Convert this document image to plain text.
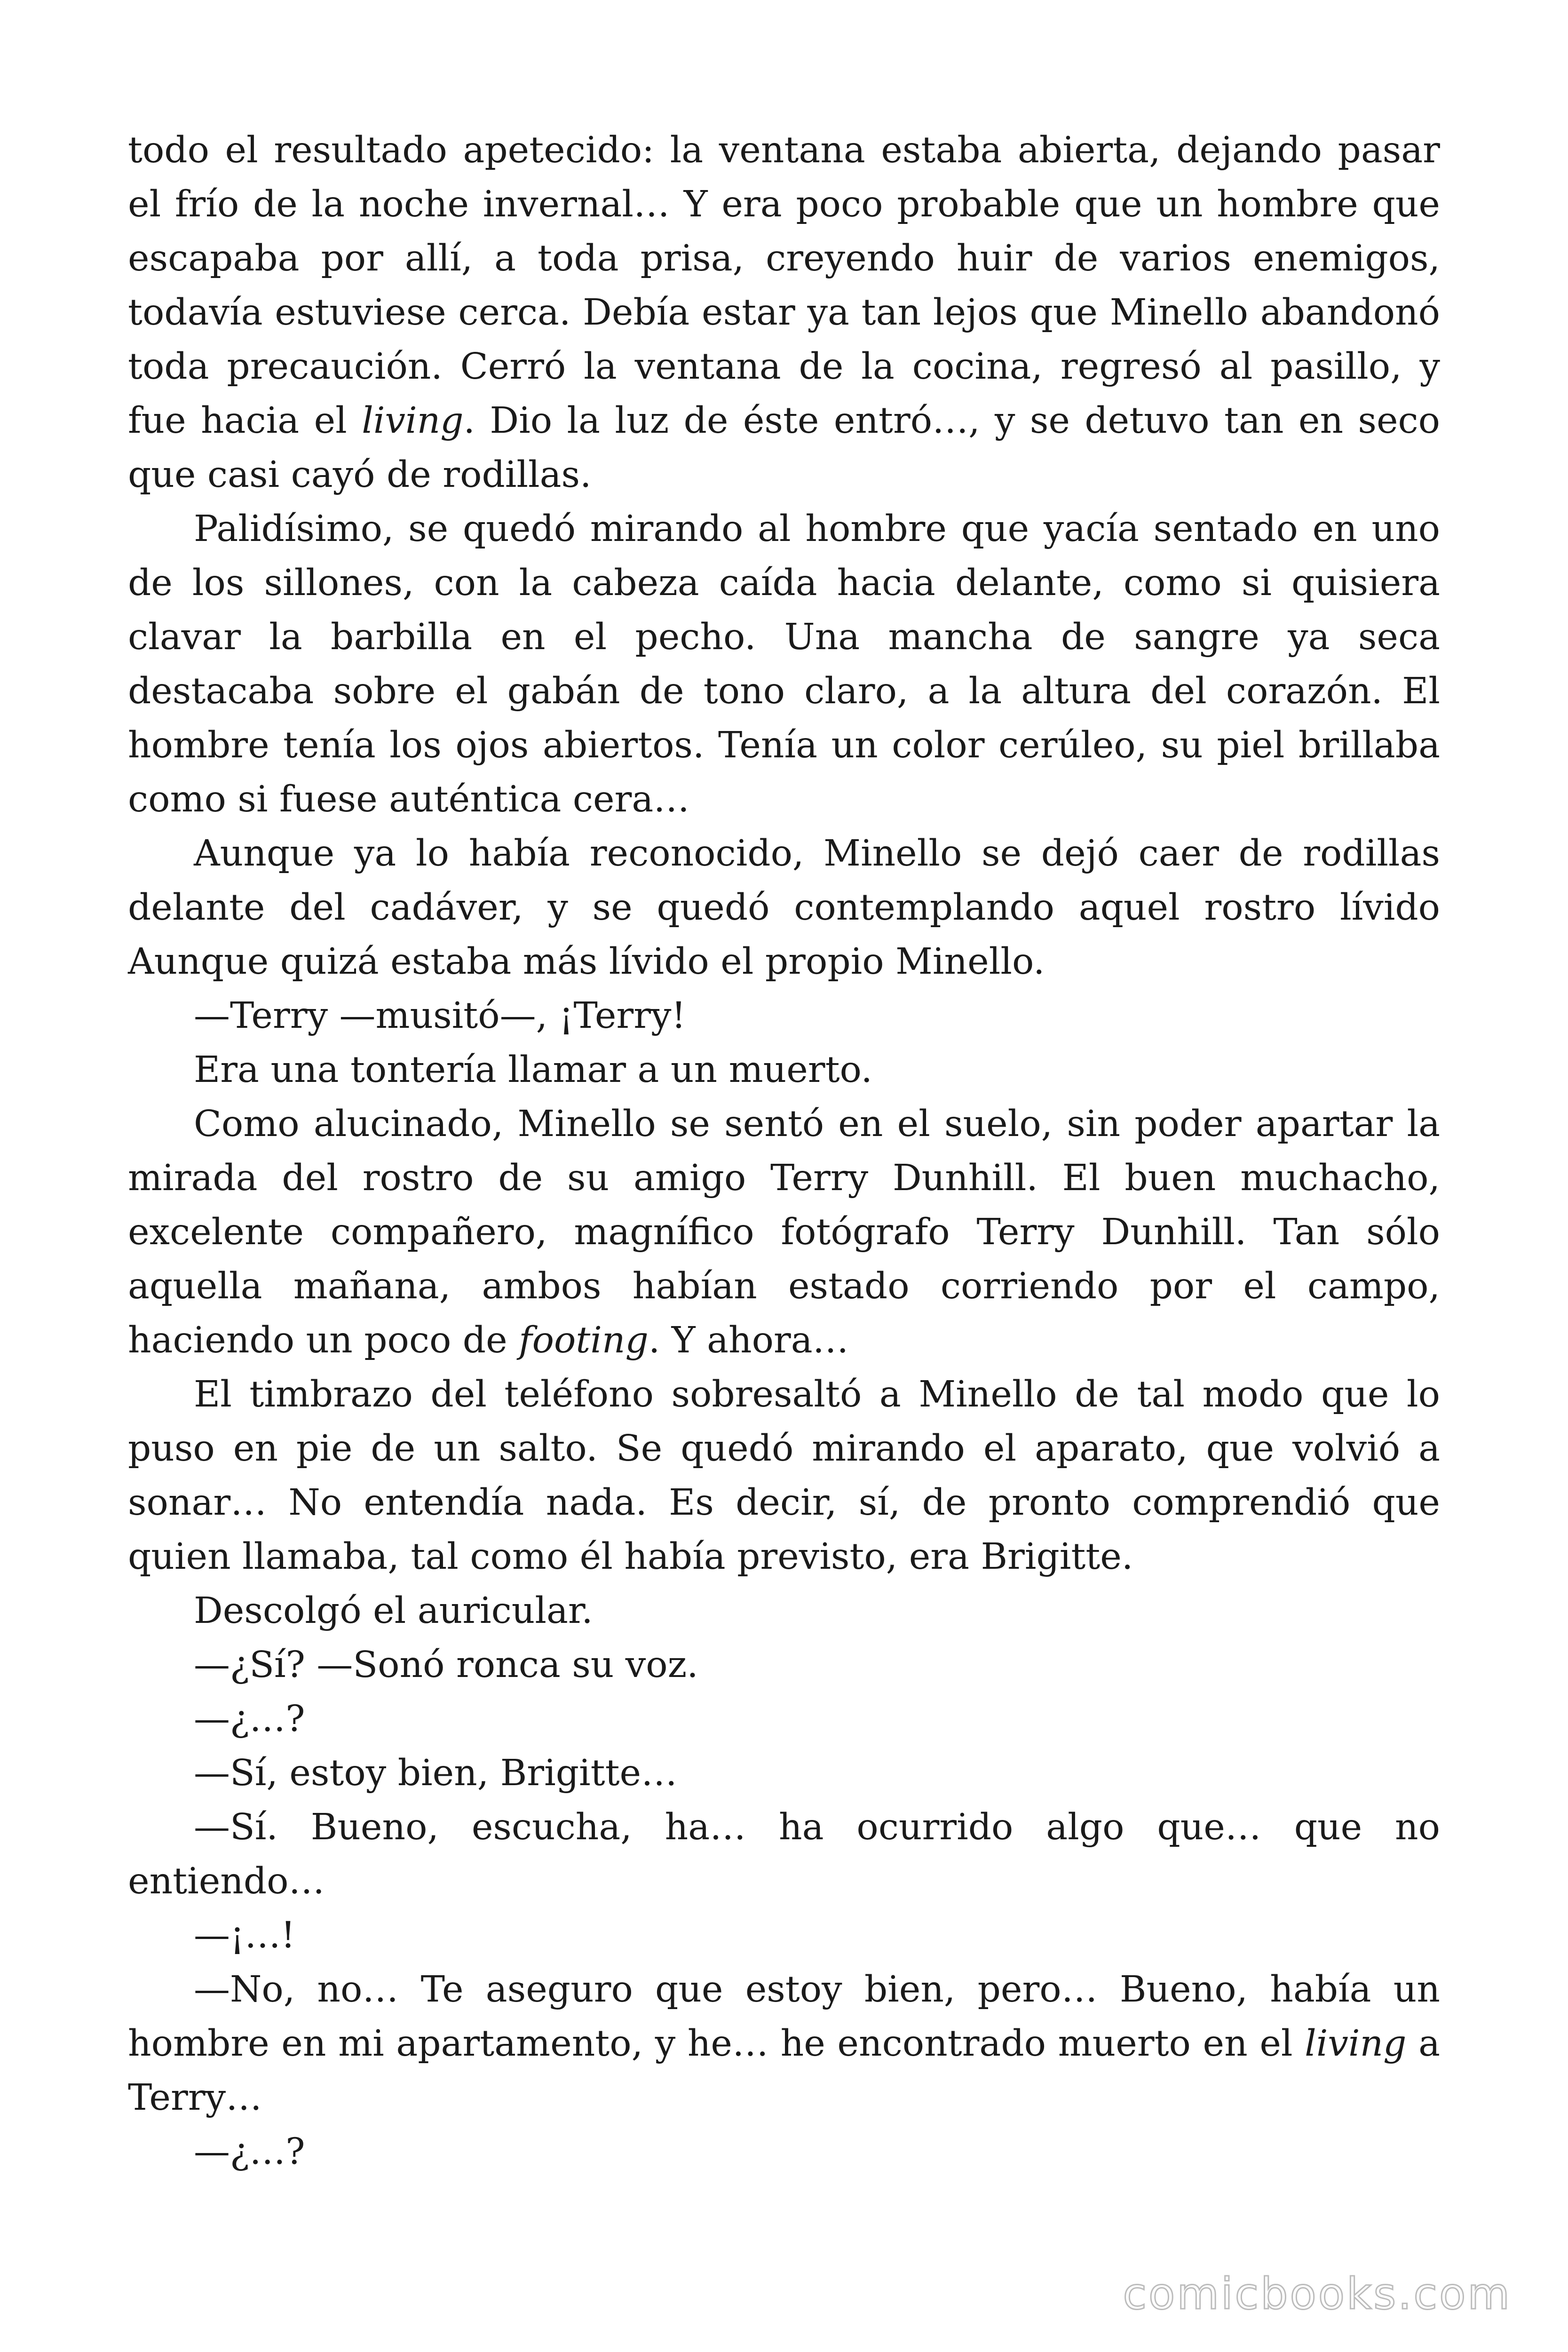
todo el resultado apetecido: la ventana estaba abierta, dejando pasar el frío de la noche invernal… Y era poco probable que un hombre que escapaba por allí, a toda prisa, creyendo huir de varios enemigos, todavía estuviese cerca. Debía estar ya tan lejos que Minello abandonó toda precaución. Cerró la ventana de la cocina, regresó al pasillo, y fue hacia el living. Dio la luz de éste entró…, y se detuvo tan en seco que casi cayó de rodillas.

Palidísimo, se quedó mirando al hombre que yacía sentado en uno de los sillones, con la cabeza caída hacia delante, como si quisiera clavar la barbilla en el pecho. Una mancha de sangre ya seca destacaba sobre el gabán de tono claro, a la altura del corazón. El hombre tenía los ojos abiertos. Tenía un color cerúleo, su piel brillaba como si fuese auténtica cera…

Aunque ya lo había reconocido, Minello se dejó caer de rodillas delante del cadáver, y se quedó contemplando aquel rostro lívido Aunque quizá estaba más lívido el propio Minello.

—Terry —musitó—, ¡Terry!

Era una tontería llamar a un muerto.

Como alucinado, Minello se sentó en el suelo, sin poder apartar la mirada del rostro de su amigo Terry Dunhill. El buen muchacho, excelente compañero, magnífico fotógrafo Terry Dunhill. Tan sólo aquella mañana, ambos habían estado corriendo por el campo, haciendo un poco de footing. Y ahora…

El timbrazo del teléfono sobresaltó a Minello de tal modo que lo puso en pie de un salto. Se quedó mirando el aparato, que volvió a sonar… No entendía nada. Es decir, sí, de pronto comprendió que quien llamaba, tal como él había previsto, era Brigitte.

Descolgó el auricular.

—¿Sí? —Sonó ronca su voz.

—¿…?

—Sí, estoy bien, Brigitte…

—Sí. Bueno, escucha, ha… ha ocurrido algo que… que no entiendo…

—¡…!

—No, no… Te aseguro que estoy bien, pero… Bueno, había un hombre en mi apartamento, y he… he encontrado muerto en el living a Terry…

—¿…?

comicbooks.com
